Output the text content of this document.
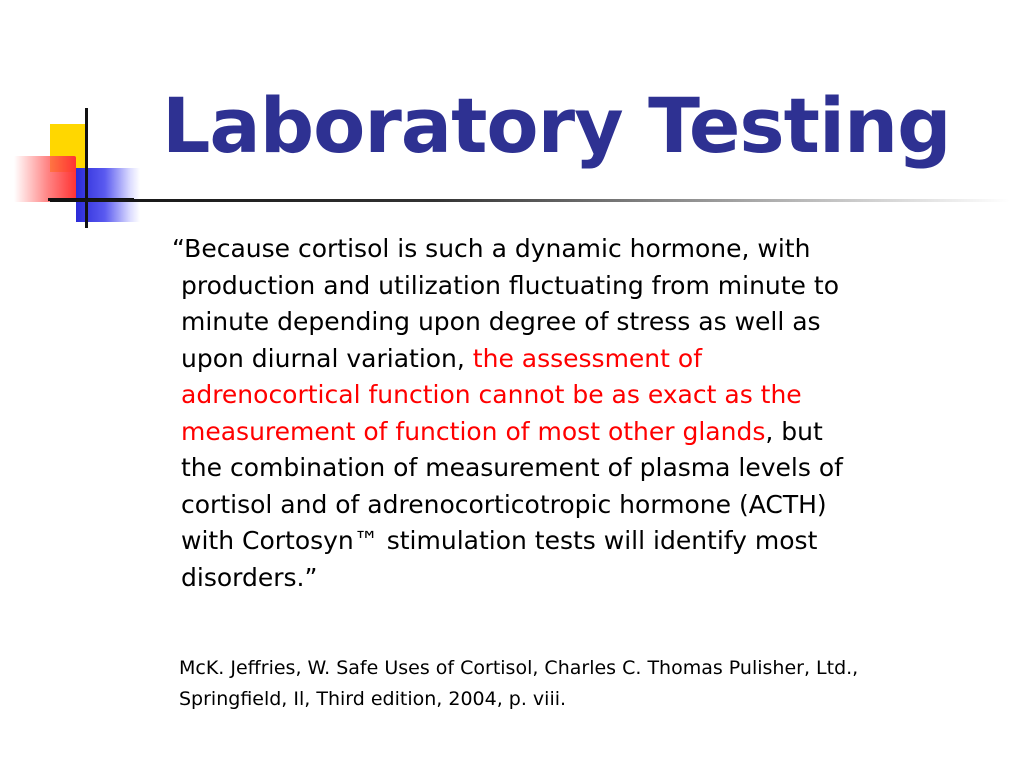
Laboratory Testing

“Because cortisol is such a dynamic hormone, with
production and utilization fluctuating from minute to
minute depending upon degree of stress as well as
upon diurnal variation, the assessment of
adrenocortical function cannot be as exact as the
measurement of function of most other glands, but
the combination of measurement of plasma levels of
cortisol and of adrenocorticotropic hormone (ACTH)
with Cortosyn™ stimulation tests will identify most
disorders.”

McK. Jeffries, W. Safe Uses of Cortisol, Charles C. Thomas Pulisher, Ltd.,
Springfield, Il, Third edition, 2004, p. viii.
